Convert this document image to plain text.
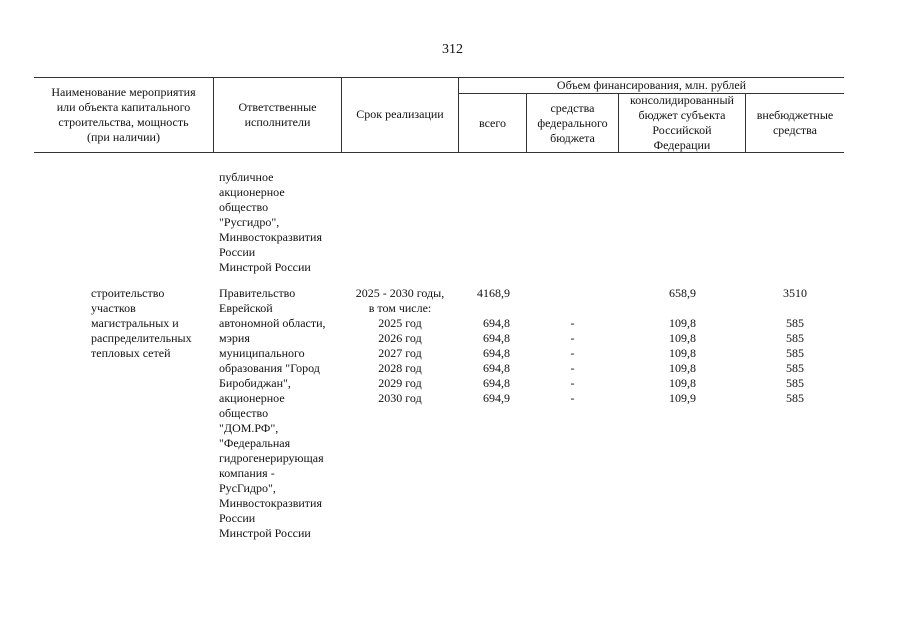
312
Наименование мероприятия
или объекта капитального
строительства, мощность
(при наличии)
Ответственные
исполнители
Срок реализации
Объем финансирования, млн. рублей
всего
средства
федерального
бюджета
консолидированный
бюджет субъекта
Российской
Федерации
внебюджетные
средства
публичное
акционерное
общество
"Русгидро",
Минвостокразвития
России
Минстрой России
строительство
участков
магистральных и
распределительных
тепловых сетей
Правительство
Еврейской
автономной области,
мэрия
муниципального
образования "Город
Биробиджан",
акционерное
общество
"ДОМ.РФ",
"Федеральная
гидрогенерирующая
компания -
РусГидро",
Минвостокразвития
России
Минстрой России
2025 - 2030 годы,
в том числе:
2025 год
2026 год
2027 год
2028 год
2029 год
2030 год
4168,9
694,8
694,8
694,8
694,8
694,8
694,9
-
-
-
-
-
-
658,9
109,8
109,8
109,8
109,8
109,8
109,9
3510
585
585
585
585
585
585
